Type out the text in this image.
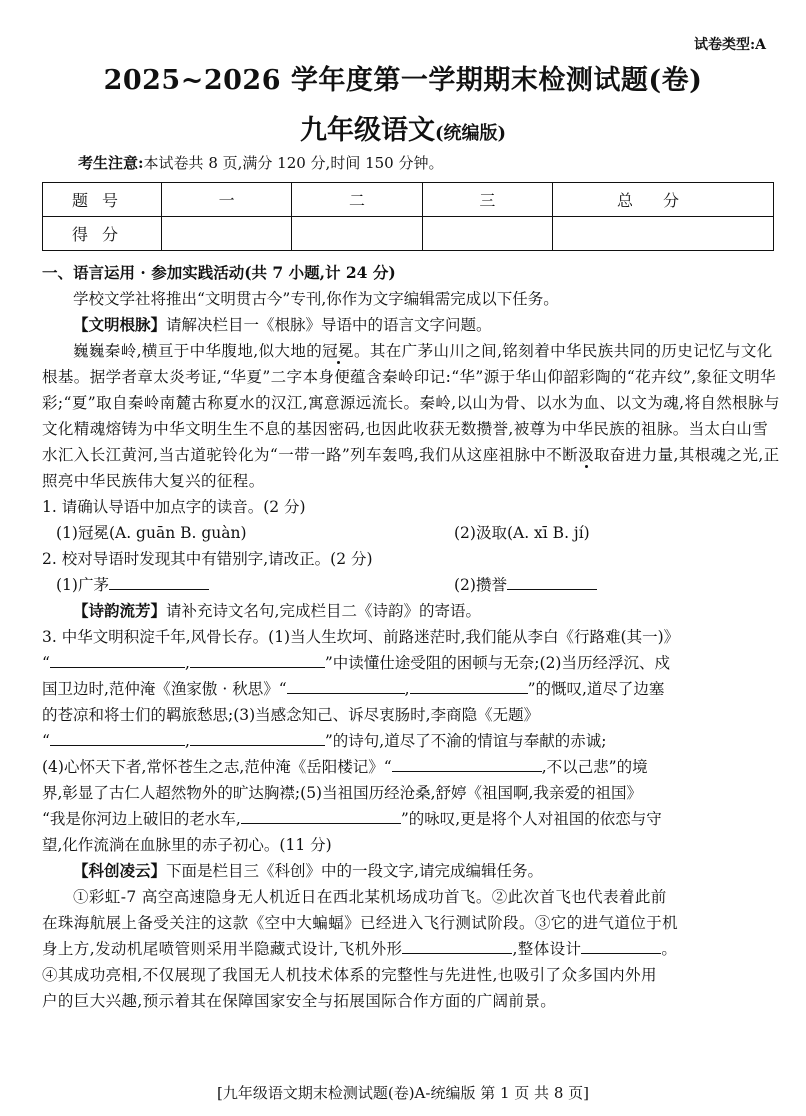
试卷类型:A
2025~2026 学年度第一学期期末检测试题(卷)
九年级语文(统编版)
考生注意:本试卷共 8 页,满分 120 分,时间 150 分钟。
题号	一	二	三	总分
得分				

一、语言运用 · 参加实践活动(共 7 小题,计 24 分)

学校文学社将推出“文明贯古今”专刊,你作为文字编辑需完成以下任务。

【文明根脉】请解决栏目一《根脉》导语中的语言文字问题。

巍巍秦岭,横亘于中华腹地,似大地的冠冕。其在广茅山川之间,铭刻着中华民族共同的历史记忆与文化根基。据学者章太炎考证,“华夏”二字本身便蕴含秦岭印记:“华”源于华山仰韶彩陶的“花卉纹”,象征文明华彩;“夏”取自秦岭南麓古称夏水的汉江,寓意源远流长。秦岭,以山为骨、以水为血、以文为魂,将自然根脉与文化精魂熔铸为中华文明生生不息的基因密码,也因此收获无数攒誉,被尊为中华民族的祖脉。当太白山雪水汇入长江黄河,当古道驼铃化为“一带一路”列车轰鸣,我们从这座祖脉中不断汲取奋进力量,其根魂之光,正照亮中华民族伟大复兴的征程。

1. 请确认导语中加点字的读音。(2 分)

(1)冠冕(A. guān B. guàn)	(2)汲取(A. xī B. jí)

2. 校对导语时发现其中有错别字,请改正。(2 分)

(1)广茅	(2)攒誉

【诗韵流芳】请补充诗文名句,完成栏目二《诗韵》的寄语。

3. 中华文明积淀千年,风骨长存。(1)当人生坎坷、前路迷茫时,我们能从李白《行路难(其一)》

“	,	”中读懂仕途受阻的困顿与无奈;(2)当历经浮沉、戍

国卫边时,范仲淹《渔家傲 · 秋思》“	,	”的慨叹,道尽了边塞

的苍凉和将士们的羁旅愁思;(3)当感念知己、诉尽衷肠时,李商隐《无题》

“	,	”的诗句,道尽了不渝的情谊与奉献的赤诚;

(4)心怀天下者,常怀苍生之志,范仲淹《岳阳楼记》“	,不以己悲”的境

界,彰显了古仁人超然物外的旷达胸襟;(5)当祖国历经沧桑,舒婷《祖国啊,我亲爱的祖国》

“我是你河边上破旧的老水车,	”的咏叹,更是将个人对祖国的依恋与守

望,化作流淌在血脉里的赤子初心。(11 分)

【科创凌云】下面是栏目三《科创》中的一段文字,请完成编辑任务。

①彩虹-7 高空高速隐身无人机近日在西北某机场成功首飞。②此次首飞也代表着此前

在珠海航展上备受关注的这款《空中大蝙蝠》已经进入飞行测试阶段。③它的进气道位于机

身上方,发动机尾喷管则采用半隐藏式设计,飞机外形	,整体设计	。

④其成功亮相,不仅展现了我国无人机技术体系的完整性与先进性,也吸引了众多国内外用

户的巨大兴趣,预示着其在保障国家安全与拓展国际合作方面的广阔前景。

[九年级语文期末检测试题(卷)A-统编版 第 1 页 共 8 页]
